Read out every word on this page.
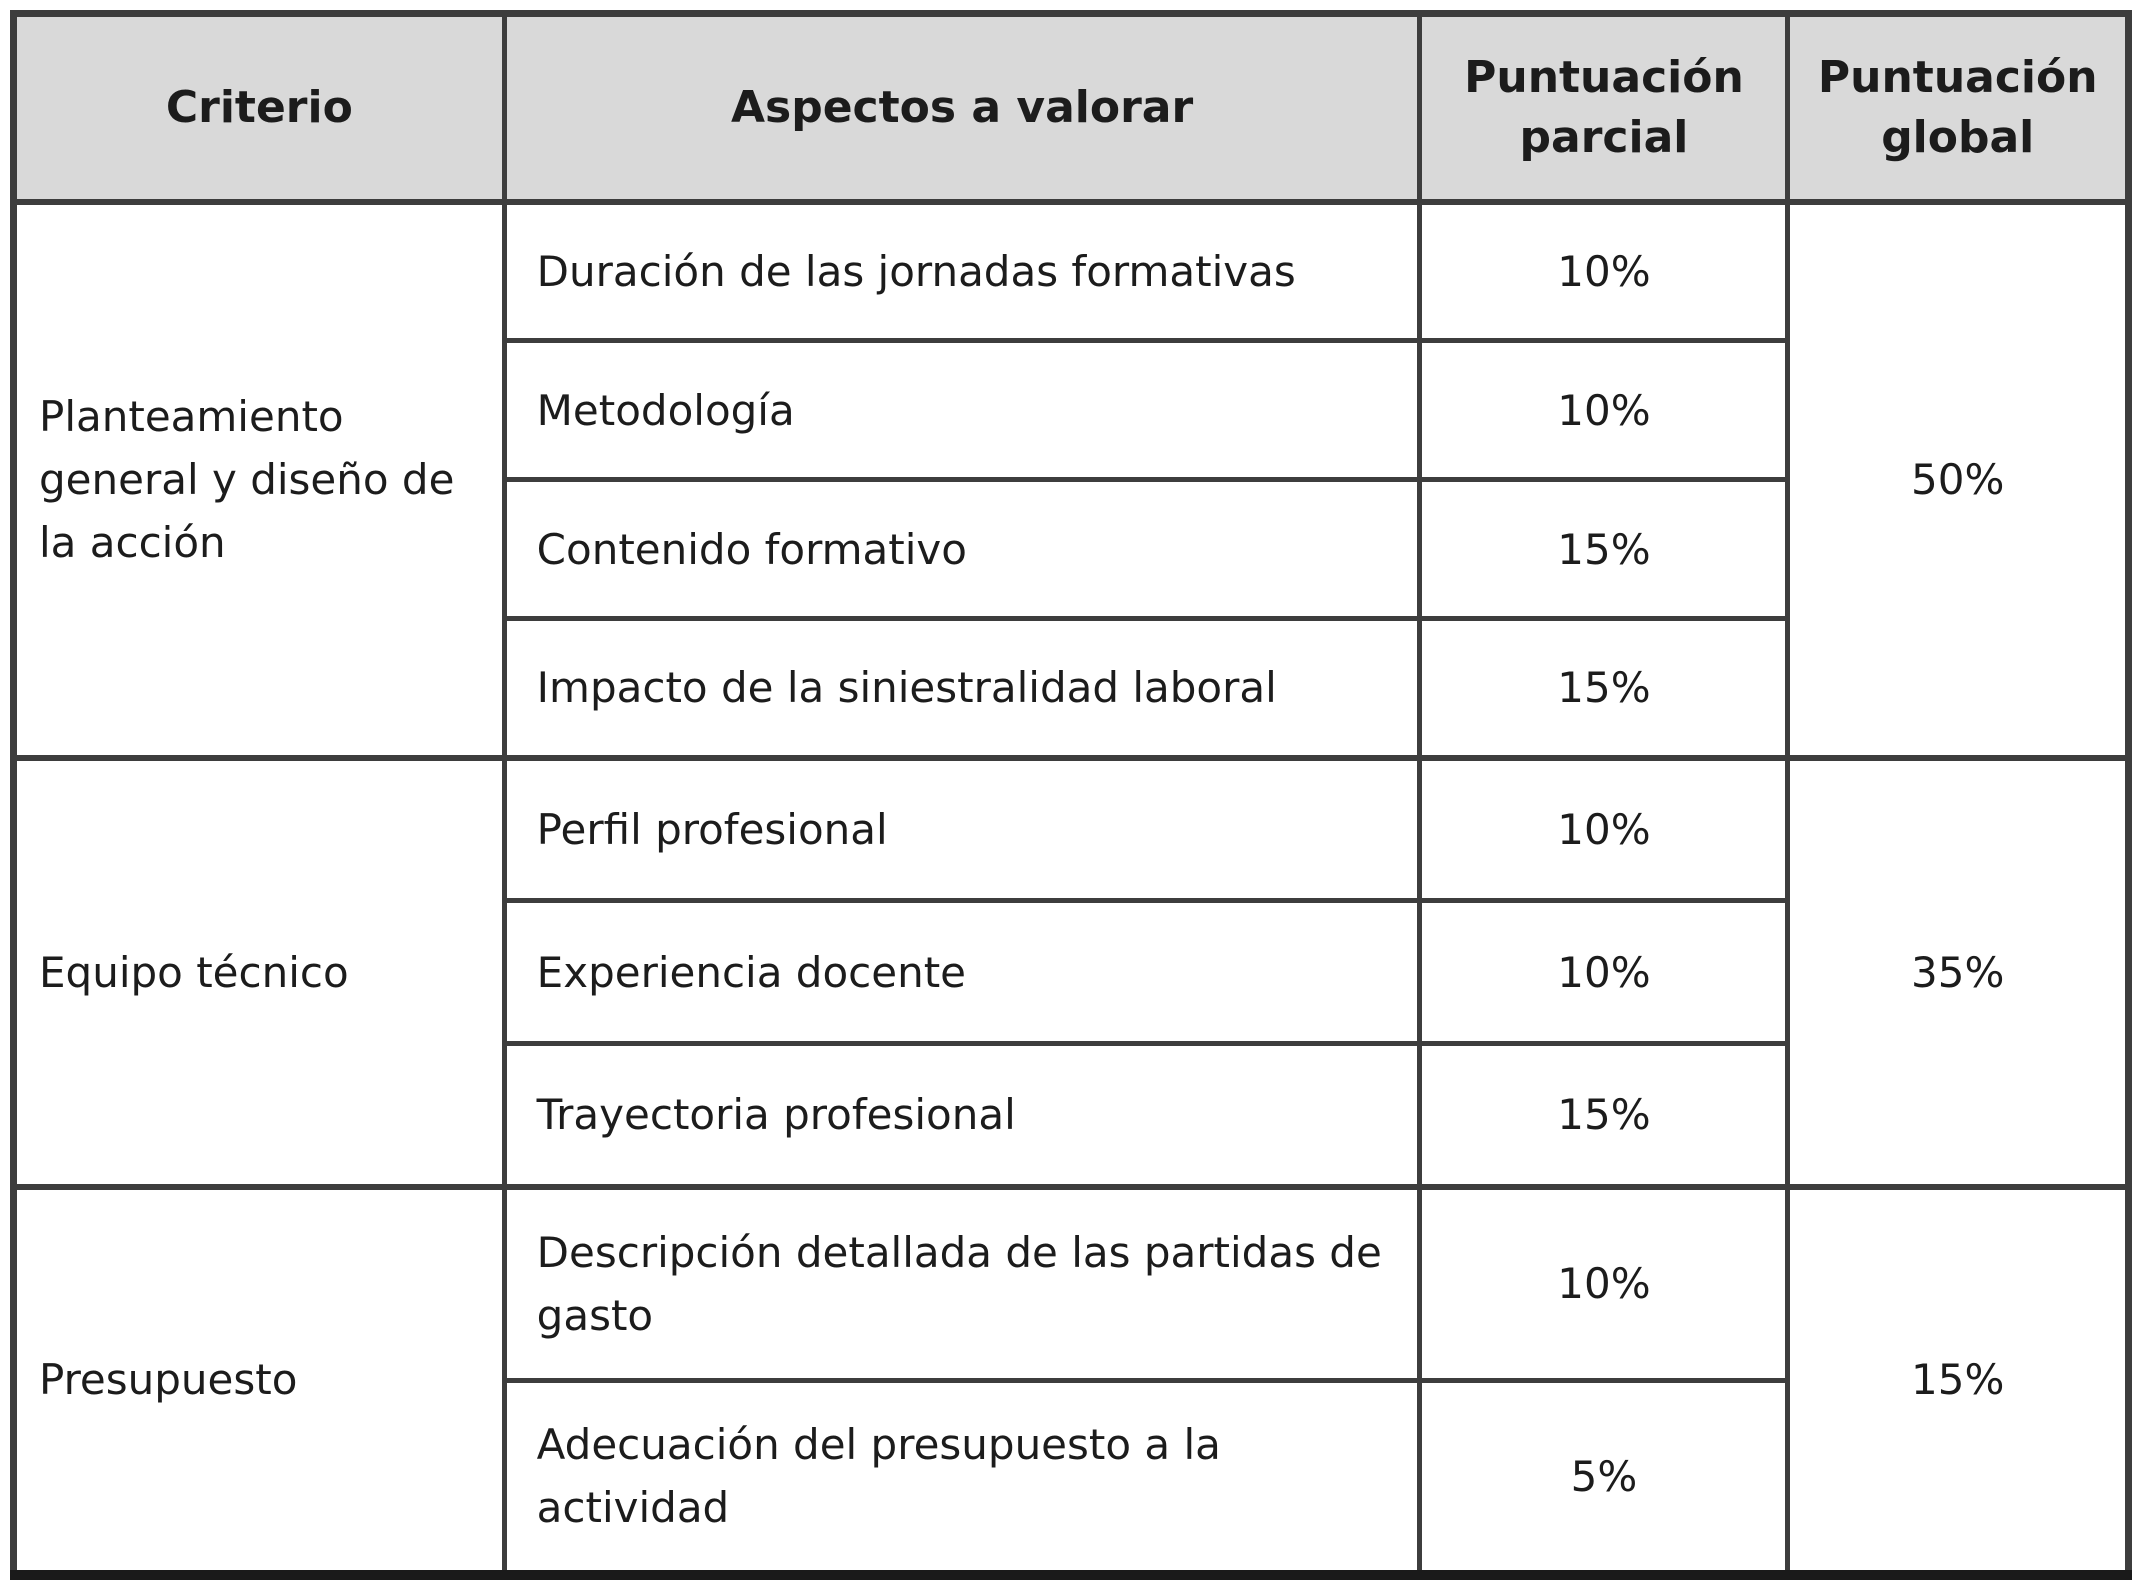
Criterio	Aspectos a valorar	Puntuación parcial	Puntuación global
Planteamiento general y diseño de la acción	Duración de las jornadas formativas	10%	50%
	Metodología	10%	
	Contenido formativo	15%	
	Impacto de la siniestralidad laboral	15%	
Equipo técnico	Perfil profesional	10%	35%
	Experiencia docente	10%	
	Trayectoria profesional	15%	
Presupuesto	Descripción detallada de las partidas de gasto	10%	15%
	Adecuación del presupuesto a la actividad	5%	
